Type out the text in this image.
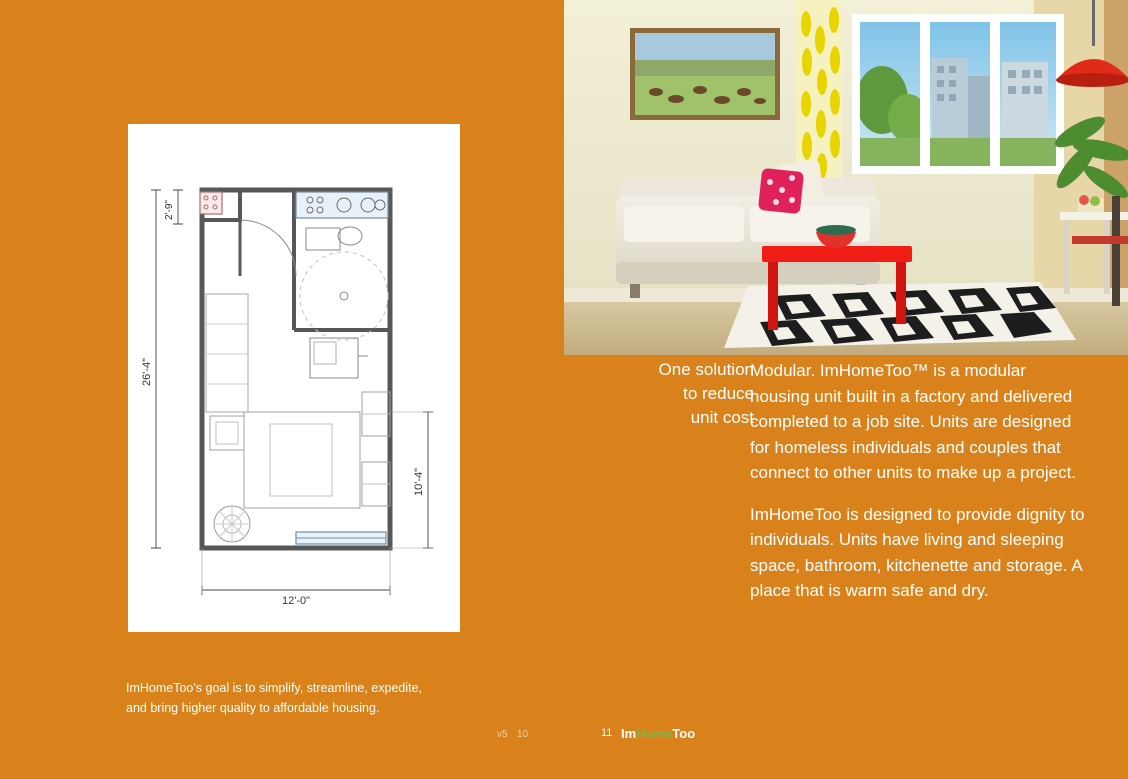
2'-9"
26'-4"
10'-4"
12'-0"
ImHomeToo's goal is to simplify, streamline, expedite,
and bring higher quality to affordable housing.
One solution
to reduce
unit cost

Modular. ImHomeToo™ is a modular housing unit built in a factory and delivered completed to a job site. Units are designed for homeless individuals and couples that connect to other units to make up a project.

ImHomeToo is designed to provide dignity to individuals. Units have living and sleeping space, bathroom, kitchenette and storage. A place that is warm safe and dry.

v5 10	11 ImHomeToo
